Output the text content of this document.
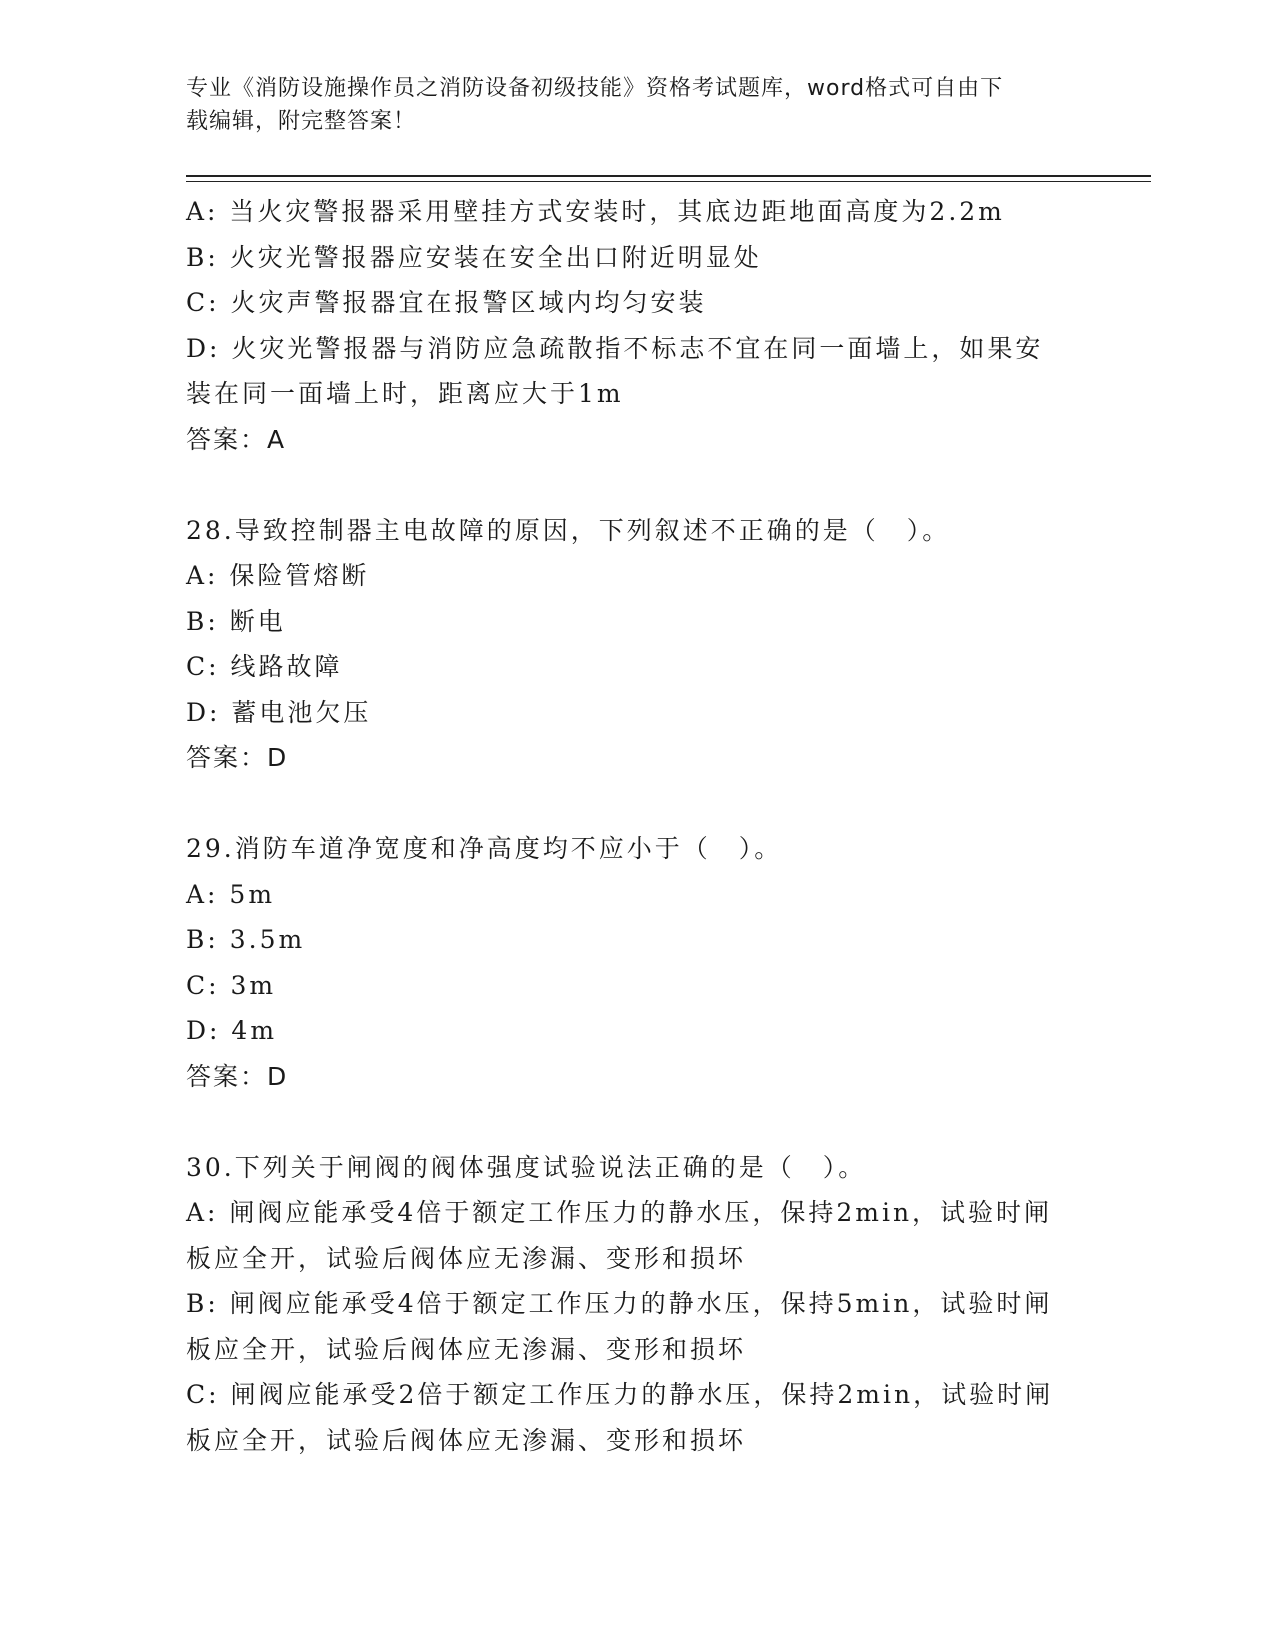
专业《消防设施操作员之消防设备初级技能》资格考试题库，word格式可自由下
载编辑，附完整答案！

A: 当火灾警报器采用壁挂方式安装时，其底边距地面高度为2.2m

B: 火灾光警报器应安装在安全出口附近明显处

C: 火灾声警报器宜在报警区域内均匀安装

D: 火灾光警报器与消防应急疏散指不标志不宜在同一面墙上，如果安

装在同一面墙上时，距离应大于1m

答案：A

28.导致控制器主电故障的原因，下列叙述不正确的是（　）。

A: 保险管熔断

B: 断电

C: 线路故障

D: 蓄电池欠压

答案：D

29.消防车道净宽度和净高度均不应小于（　）。

A: 5m

B: 3.5m

C: 3m

D: 4m

答案：D

30.下列关于闸阀的阀体强度试验说法正确的是（　）。

A: 闸阀应能承受4倍于额定工作压力的静水压，保持2min，试验时闸

板应全开，试验后阀体应无渗漏、变形和损坏

B: 闸阀应能承受4倍于额定工作压力的静水压，保持5min，试验时闸

板应全开，试验后阀体应无渗漏、变形和损坏

C: 闸阀应能承受2倍于额定工作压力的静水压，保持2min，试验时闸

板应全开，试验后阀体应无渗漏、变形和损坏
